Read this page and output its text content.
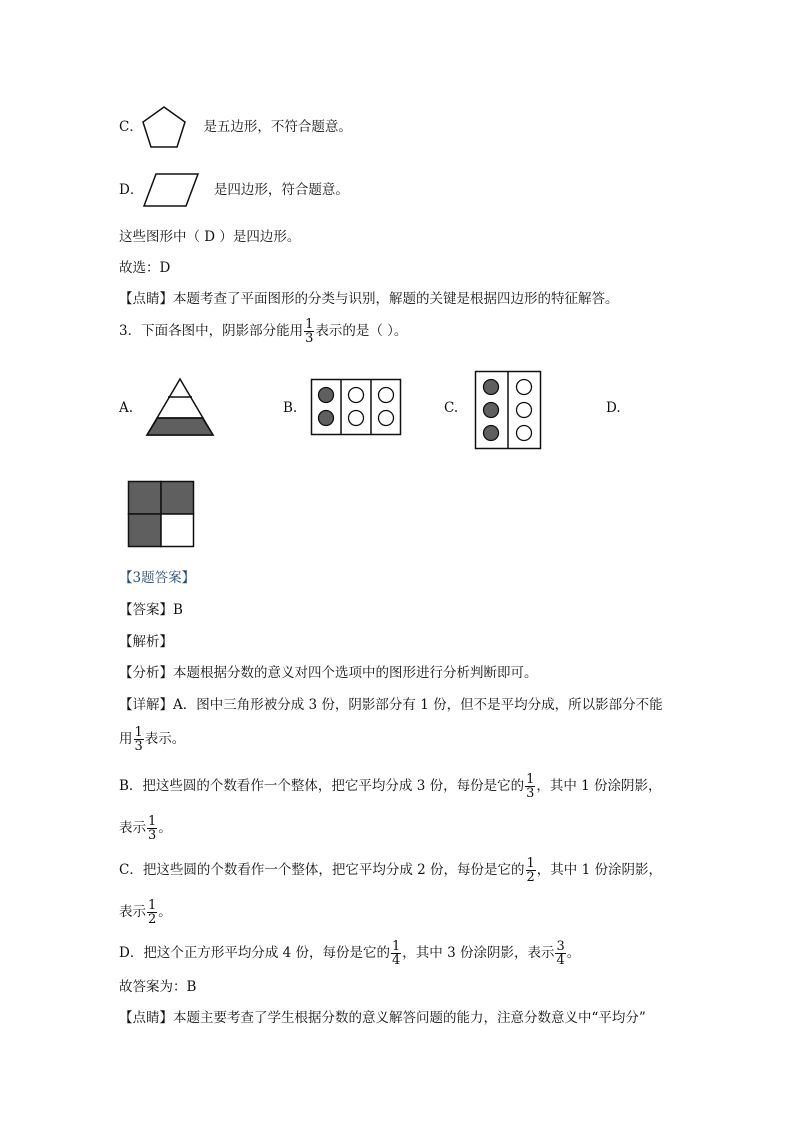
C．	是五边形，不符合题意。
D．	是四边形，符合题意。
这些图形中（ D ）是四边形。
故选：D
【点睛】本题考查了平面图形的分类与识别，解题的关键是根据四边形的特征解答。
3．下面各图中，阴影部分能用 $\frac{1}{3}$ 表示的是（ ）。
A.	B.	C.	D.
【3题答案】
【答案】B
【解析】
【分析】本题根据分数的意义对四个选项中的图形进行分析判断即可。
【详解】A．图中三角形被分成 3 份，阴影部分有 1 份，但不是平均分成，所以影部分不能
用 $\frac{1}{3}$ 表示。
B．把这些圆的个数看作一个整体，把它平均分成 3 份，每份是它的 $\frac{1}{3}$ ，其中 1 份涂阴影，
表示 $\frac{1}{3}$ 。
C．把这些圆的个数看作一个整体，把它平均分成 2 份，每份是它的 $\frac{1}{2}$ ，其中 1 份涂阴影，
表示 $\frac{1}{2}$ 。
D．把这个正方形平均分成 4 份，每份是它的 $\frac{1}{4}$ ，其中 3 份涂阴影，表示 $\frac{3}{4}$ 。
故答案为：B
【点睛】本题主要考查了学生根据分数的意义解答问题的能力，注意分数意义中“平均分”
